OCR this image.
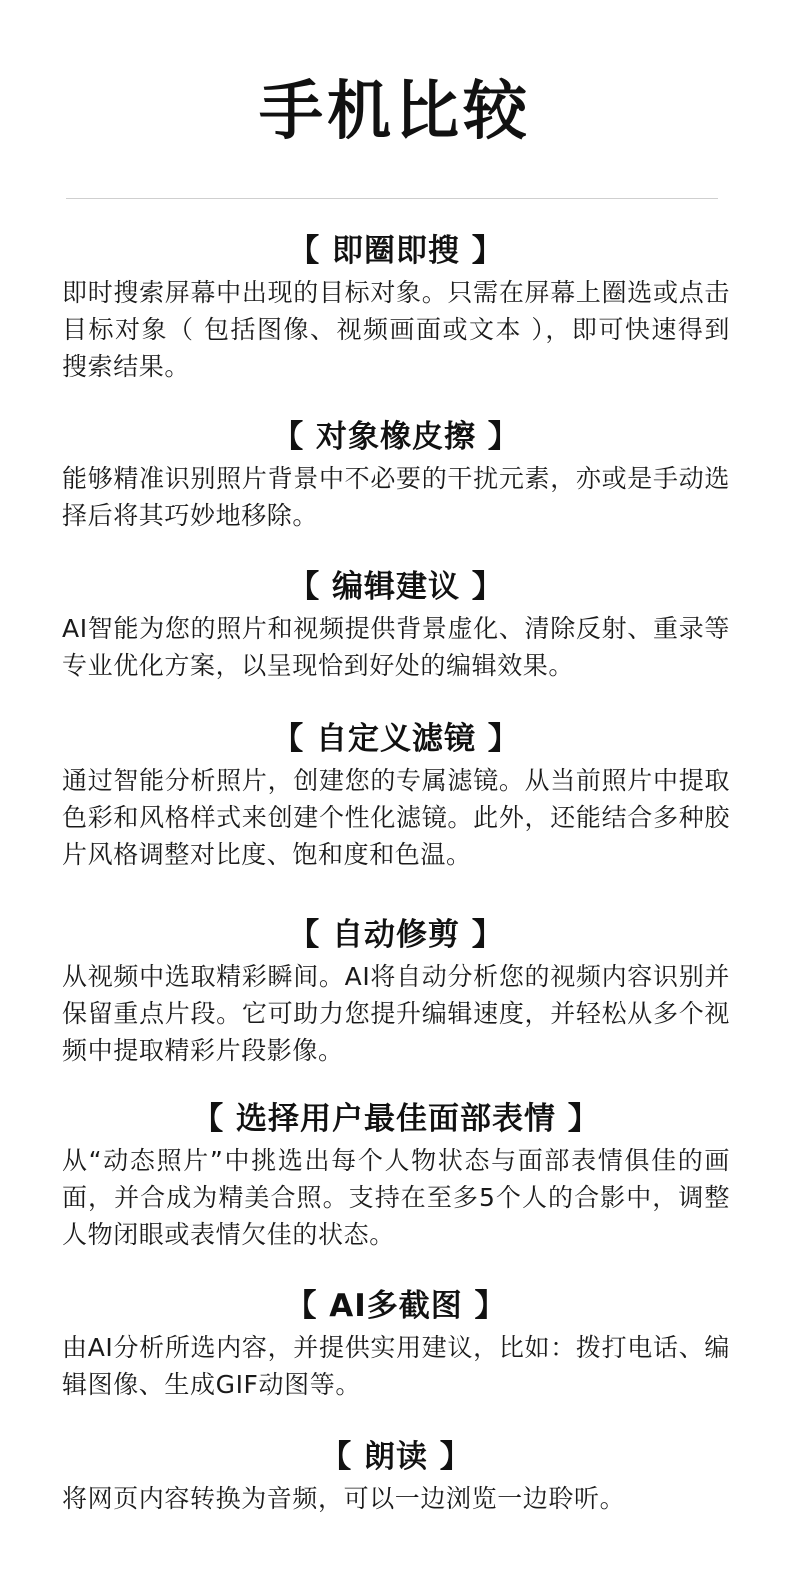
手机比较
【 即圈即搜 】
即时搜索屏幕中出现的目标对象。只需在屏幕上圈选或点击目标对象（ 包括图像、视频画面或文本 ），即可快速得到搜索结果。
【 对象橡皮擦 】
能够精准识别照片背景中不必要的干扰元素，亦或是手动选择后将其巧妙地移除。
【 编辑建议 】
AI智能为您的照片和视频提供背景虚化、清除反射、重录等专业优化方案，以呈现恰到好处的编辑效果。
【 自定义滤镜 】
通过智能分析照片，创建您的专属滤镜。从当前照片中提取色彩和风格样式来创建个性化滤镜。此外，还能结合多种胶片风格调整对比度、饱和度和色温。
【 自动修剪 】
从视频中选取精彩瞬间。AI将自动分析您的视频内容识别并保留重点片段。它可助力您提升编辑速度，并轻松从多个视频中提取精彩片段影像。
【 选择用户最佳面部表情 】
从“动态照片”中挑选出每个人物状态与面部表情俱佳的画面，并合成为精美合照。支持在至多5个人的合影中，调整人物闭眼或表情欠佳的状态。
【 AI多截图 】
由AI分析所选内容，并提供实用建议，比如：拨打电话、编辑图像、生成GIF动图等。
【 朗读 】
将网页内容转换为音频，可以一边浏览一边聆听。
